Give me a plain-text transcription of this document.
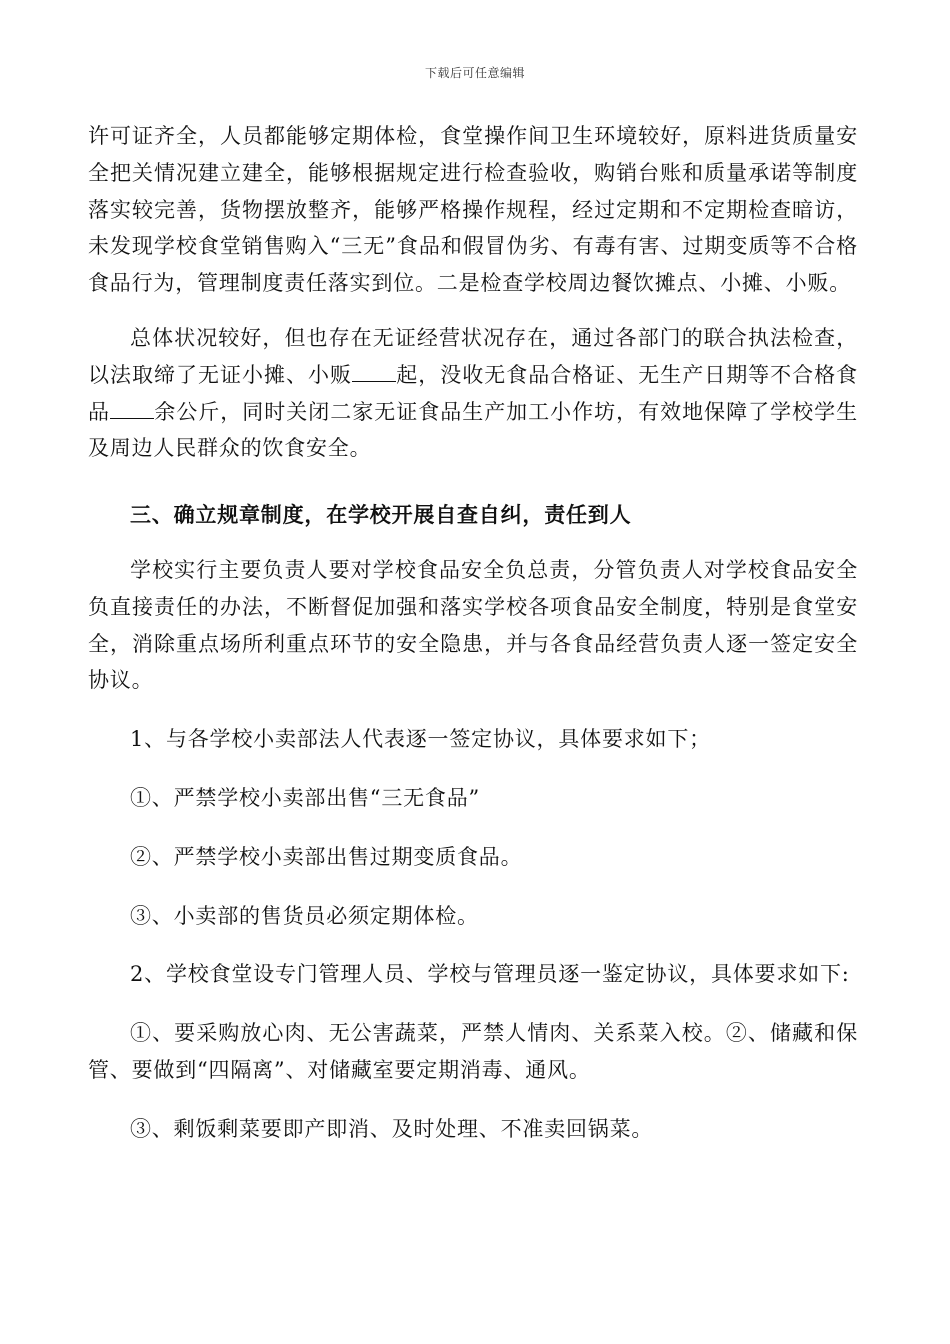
下载后可任意编辑

许可证齐全，人员都能够定期体检，食堂操作间卫生环境较好，原料进货质量安全把关情况建立建全，能够根据规定进行检查验收，购销台账和质量承诺等制度落实较完善，货物摆放整齐，能够严格操作规程，经过定期和不定期检查暗访，未发现学校食堂销售购入“三无”食品和假冒伪劣、有毒有害、过期变质等不合格食品行为，管理制度责任落实到位。二是检查学校周边餐饮摊点、小摊、小贩。

总体状况较好，但也存在无证经营状况存在，通过各部门的联合执法检查，以法取缔了无证小摊、小贩 起，没收无食品合格证、无生产日期等不合格食品 余公斤，同时关闭二家无证食品生产加工小作坊，有效地保障了学校学生及周边人民群众的饮食安全。

三、确立规章制度，在学校开展自查自纠，责任到人

学校实行主要负责人要对学校食品安全负总责，分管负责人对学校食品安全负直接责任的办法，不断督促加强和落实学校各项食品安全制度，特别是食堂安全，消除重点场所利重点环节的安全隐患，并与各食品经营负责人逐一签定安全协议。

1、与各学校小卖部法人代表逐一签定协议，具体要求如下；

①、严禁学校小卖部出售“三无食品”

②、严禁学校小卖部出售过期变质食品。

③、小卖部的售货员必须定期体检。

2、学校食堂设专门管理人员、学校与管理员逐一鉴定协议，具体要求如下:

①、要采购放心肉、无公害蔬菜，严禁人情肉、关系菜入校。②、储藏和保管、要做到“四隔离”、对储藏室要定期消毒、通风。

③、剩饭剩菜要即产即消、及时处理、不准卖回锅菜。
